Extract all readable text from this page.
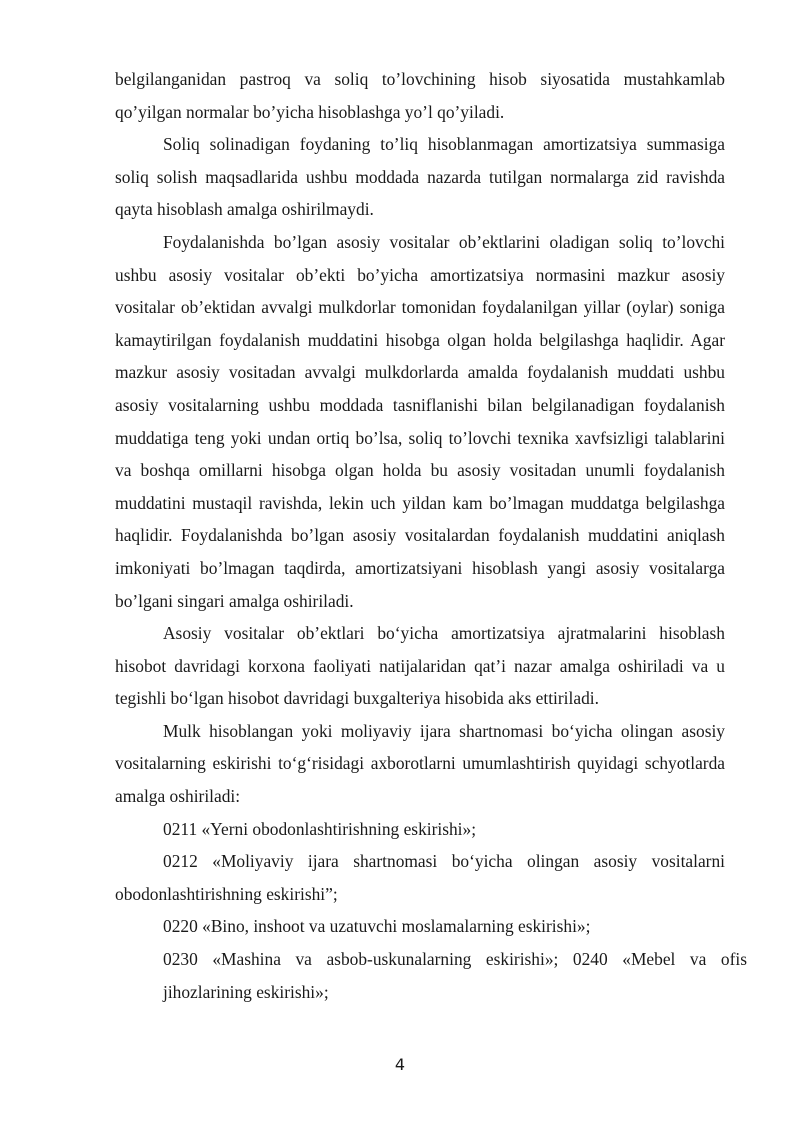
belgilanganidan pastroq va soliq to’lovchining hisob siyosatida mustahkamlab qo’yilgan normalar bo’yicha hisoblashga yo’l qo’yiladi.

Soliq solinadigan foydaning to’liq hisoblanmagan amortizatsiya summasiga soliq solish maqsadlarida ushbu moddada nazarda tutilgan normalarga zid ravishda qayta hisoblash amalga oshirilmaydi.

Foydalanishda bo’lgan asosiy vositalar ob’ektlarini oladigan soliq to’lovchi ushbu asosiy vositalar ob’ekti bo’yicha amortizatsiya normasini mazkur asosiy vositalar ob’ektidan avvalgi mulkdorlar tomonidan foydalanilgan yillar (oylar) soniga kamaytirilgan foydalanish muddatini hisobga olgan holda belgilashga haqlidir. Agar mazkur asosiy vositadan avvalgi mulkdorlarda amalda foydalanish muddati ushbu asosiy vositalarning ushbu moddada tasniflanishi bilan belgilanadigan foydalanish muddatiga teng yoki undan ortiq bo’lsa, soliq to’lovchi texnika xavfsizligi talablarini va boshqa omillarni hisobga olgan holda bu asosiy vositadan unumli foydalanish muddatini mustaqil ravishda, lekin uch yildan kam bo’lmagan muddatga belgilashga haqlidir. Foydalanishda bo’lgan asosiy vositalardan foydalanish muddatini aniqlash imkoniyati bo’lmagan taqdirda, amortizatsiyani hisoblash yangi asosiy vositalarga bo’lgani singari amalga oshiriladi.

Asosiy vositalar ob’ektlari bo‘yicha amortizatsiya ajratmalarini hisoblash hisobot davridagi korxona faoliyati natijalaridan qat’i nazar amalga oshiriladi va u tegishli bo‘lgan hisobot davridagi buxgalteriya hisobida aks ettiriladi.

Mulk hisoblangan yoki moliyaviy ijara shartnomasi bo‘yicha olingan asosiy vositalarning eskirishi to‘g‘risidagi axborotlarni umumlashtirish quyidagi schyotlarda amalga oshiriladi:

0211 «Yerni obodonlashtirishning eskirishi»;

0212 «Moliyaviy ijara shartnomasi bo‘yicha olingan asosiy vositalarni obodonlashtirishning eskirishi”;

0220 «Bino, inshoot va uzatuvchi moslamalarning eskirishi»;

0230 «Mashina va asbob-uskunalarning eskirishi»; 0240 «Mebel va ofis jihozlarining eskirishi»;

4
